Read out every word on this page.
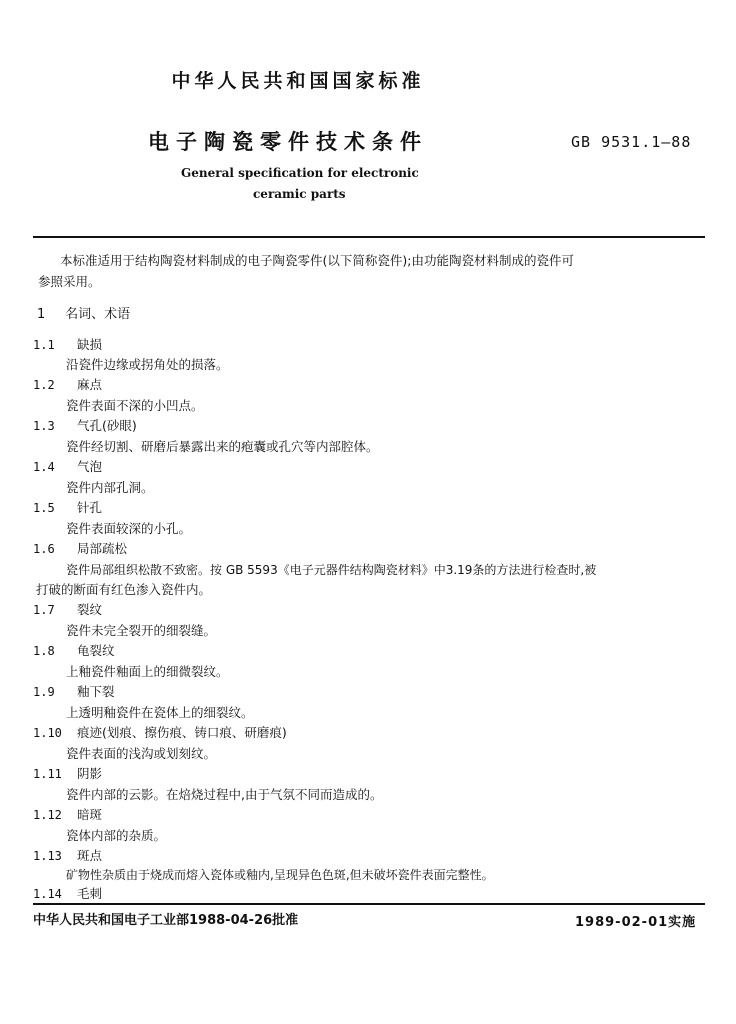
中华人民共和国国家标准
电子陶瓷零件技术条件	GB 9531.1—88
General specification for electronic
ceramic parts
本标准适用于结构陶瓷材料制成的电子陶瓷零件(以下简称瓷件);由功能陶瓷材料制成的瓷件可
参照采用。
1 名词、术语
1.1 缺损
沿瓷件边缘或拐角处的损落。
1.2 麻点
瓷件表面不深的小凹点。
1.3 气孔(砂眼)
瓷件经切割、研磨后暴露出来的疱囊或孔穴等内部腔体。
1.4 气泡
瓷件内部孔洞。
1.5 针孔
瓷件表面较深的小孔。
1.6 局部疏松
瓷件局部组织松散不致密。按 GB 5593《电子元器件结构陶瓷材料》中3.19条的方法进行检查时,被
打破的断面有红色渗入瓷件内。
1.7 裂纹
瓷件未完全裂开的细裂缝。
1.8 龟裂纹
上釉瓷件釉面上的细微裂纹。
1.9 釉下裂
上透明釉瓷件在瓷体上的细裂纹。
1.10 痕迹(划痕、擦伤痕、铸口痕、研磨痕)
瓷件表面的浅沟或划刻纹。
1.11 阴影
瓷件内部的云影。在焙烧过程中,由于气氛不同而造成的。
1.12 暗斑
瓷体内部的杂质。
1.13 斑点
矿物性杂质由于烧成而熔入瓷体或釉内,呈现异色色斑,但未破坏瓷件表面完整性。
1.14 毛刺
中华人民共和国电子工业部1988-04-26批准	1989-02-01实施
